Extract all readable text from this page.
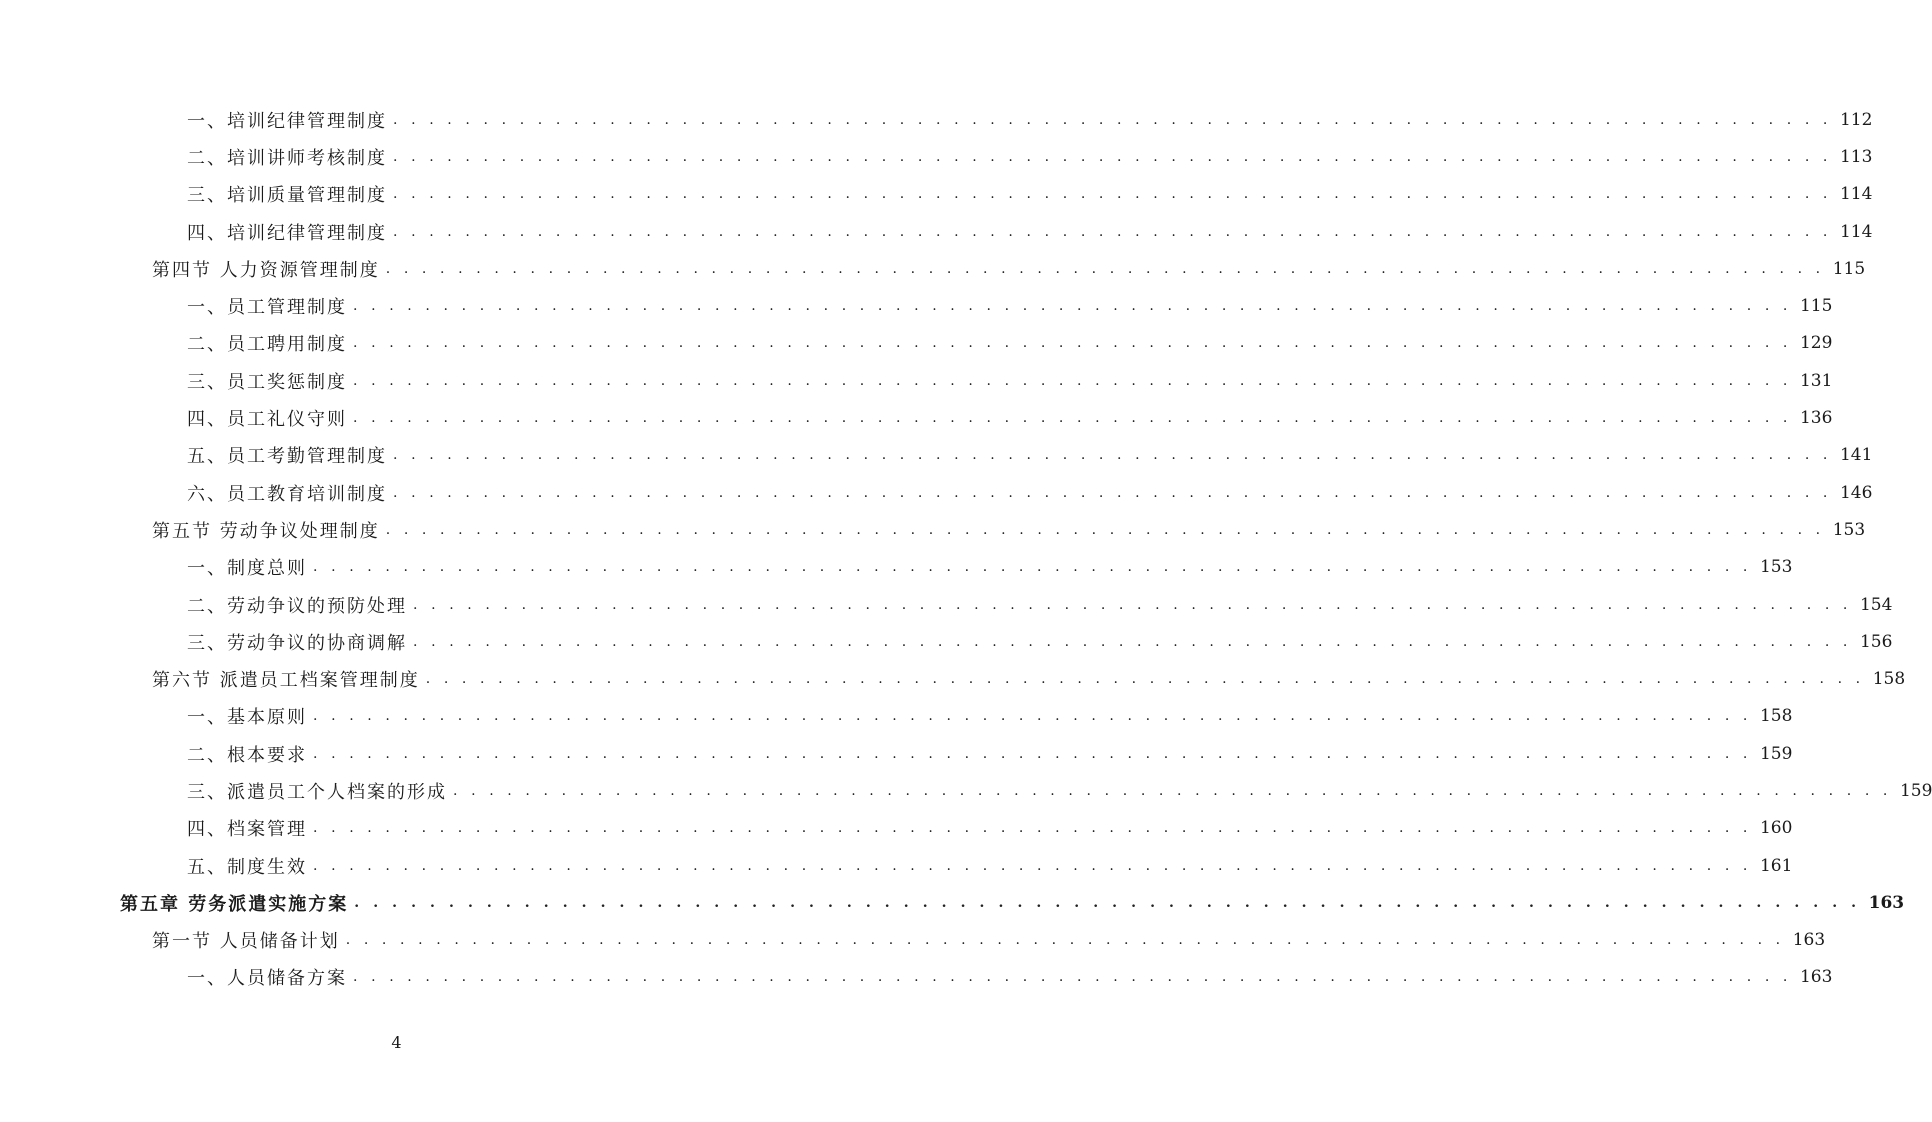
一、培训纪律管理制度 . . . . . . . . . . . . . . . . . . . . . . . . . . . . . . . . . . . . . . . . . . . . . . . . . . . . . . . . . . . . . . . . . . . . . . . . . . . . . . . . 112
二、培训讲师考核制度 . . . . . . . . . . . . . . . . . . . . . . . . . . . . . . . . . . . . . . . . . . . . . . . . . . . . . . . . . . . . . . . . . . . . . . . . . . . . . . . . 113
三、培训质量管理制度 . . . . . . . . . . . . . . . . . . . . . . . . . . . . . . . . . . . . . . . . . . . . . . . . . . . . . . . . . . . . . . . . . . . . . . . . . . . . . . . . 114
四、培训纪律管理制度 . . . . . . . . . . . . . . . . . . . . . . . . . . . . . . . . . . . . . . . . . . . . . . . . . . . . . . . . . . . . . . . . . . . . . . . . . . . . . . . . 114
第四节 人力资源管理制度 . . . . . . . . . . . . . . . . . . . . . . . . . . . . . . . . . . . . . . . . . . . . . . . . . . . . . . . . . . . . . . . . . . . . . . . . . . . . . . . . 115
一、员工管理制度 . . . . . . . . . . . . . . . . . . . . . . . . . . . . . . . . . . . . . . . . . . . . . . . . . . . . . . . . . . . . . . . . . . . . . . . . . . . . . . . . 115
二、员工聘用制度 . . . . . . . . . . . . . . . . . . . . . . . . . . . . . . . . . . . . . . . . . . . . . . . . . . . . . . . . . . . . . . . . . . . . . . . . . . . . . . . . 129
三、员工奖惩制度 . . . . . . . . . . . . . . . . . . . . . . . . . . . . . . . . . . . . . . . . . . . . . . . . . . . . . . . . . . . . . . . . . . . . . . . . . . . . . . . . 131
四、员工礼仪守则 . . . . . . . . . . . . . . . . . . . . . . . . . . . . . . . . . . . . . . . . . . . . . . . . . . . . . . . . . . . . . . . . . . . . . . . . . . . . . . . . 136
五、员工考勤管理制度 . . . . . . . . . . . . . . . . . . . . . . . . . . . . . . . . . . . . . . . . . . . . . . . . . . . . . . . . . . . . . . . . . . . . . . . . . . . . . . . . 141
六、员工教育培训制度 . . . . . . . . . . . . . . . . . . . . . . . . . . . . . . . . . . . . . . . . . . . . . . . . . . . . . . . . . . . . . . . . . . . . . . . . . . . . . . . . 146
第五节 劳动争议处理制度 . . . . . . . . . . . . . . . . . . . . . . . . . . . . . . . . . . . . . . . . . . . . . . . . . . . . . . . . . . . . . . . . . . . . . . . . . . . . . . . . 153
一、制度总则 . . . . . . . . . . . . . . . . . . . . . . . . . . . . . . . . . . . . . . . . . . . . . . . . . . . . . . . . . . . . . . . . . . . . . . . . . . . . . . . . 153
二、劳动争议的预防处理 . . . . . . . . . . . . . . . . . . . . . . . . . . . . . . . . . . . . . . . . . . . . . . . . . . . . . . . . . . . . . . . . . . . . . . . . . . . . . . . . 154
三、劳动争议的协商调解 . . . . . . . . . . . . . . . . . . . . . . . . . . . . . . . . . . . . . . . . . . . . . . . . . . . . . . . . . . . . . . . . . . . . . . . . . . . . . . . . 156
第六节 派遣员工档案管理制度 . . . . . . . . . . . . . . . . . . . . . . . . . . . . . . . . . . . . . . . . . . . . . . . . . . . . . . . . . . . . . . . . . . . . . . . . . . . . . . . . 158
一、基本原则 . . . . . . . . . . . . . . . . . . . . . . . . . . . . . . . . . . . . . . . . . . . . . . . . . . . . . . . . . . . . . . . . . . . . . . . . . . . . . . . . 158
二、根本要求 . . . . . . . . . . . . . . . . . . . . . . . . . . . . . . . . . . . . . . . . . . . . . . . . . . . . . . . . . . . . . . . . . . . . . . . . . . . . . . . . 159
三、派遣员工个人档案的形成 . . . . . . . . . . . . . . . . . . . . . . . . . . . . . . . . . . . . . . . . . . . . . . . . . . . . . . . . . . . . . . . . . . . . . . . . . . . . . . . . 159
四、档案管理 . . . . . . . . . . . . . . . . . . . . . . . . . . . . . . . . . . . . . . . . . . . . . . . . . . . . . . . . . . . . . . . . . . . . . . . . . . . . . . . . 160
五、制度生效 . . . . . . . . . . . . . . . . . . . . . . . . . . . . . . . . . . . . . . . . . . . . . . . . . . . . . . . . . . . . . . . . . . . . . . . . . . . . . . . . 161
第五章 劳务派遣实施方案 . . . . . . . . . . . . . . . . . . . . . . . . . . . . . . . . . . . . . . . . . . . . . . . . . . . . . . . . . . . . . . . . . . . . . . . . . . . . . . . . 163
第一节 人员储备计划 . . . . . . . . . . . . . . . . . . . . . . . . . . . . . . . . . . . . . . . . . . . . . . . . . . . . . . . . . . . . . . . . . . . . . . . . . . . . . . . . 163
一、人员储备方案 . . . . . . . . . . . . . . . . . . . . . . . . . . . . . . . . . . . . . . . . . . . . . . . . . . . . . . . . . . . . . . . . . . . . . . . . . . . . . . . . 163
4
